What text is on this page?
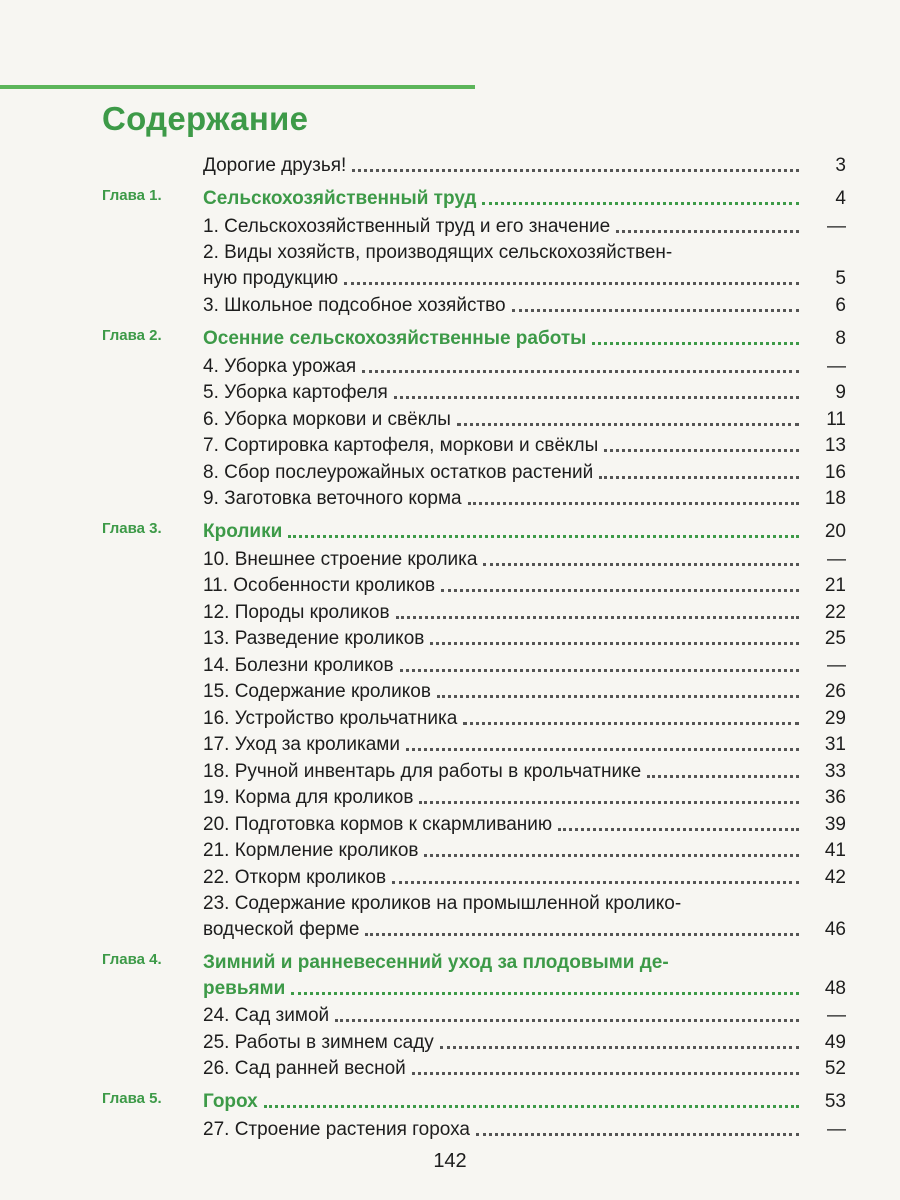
Содержание
Дорогие друзья!	3
Глава 1. Сельскохозяйственный труд	4
1. Сельскохозяйственный труд и его значение	—
2. Виды хозяйств, производящих сельскохозяйствен-
ную продукцию	5
3. Школьное подсобное хозяйство	6
Глава 2. Осенние сельскохозяйственные работы	8
4. Уборка урожая	—
5. Уборка картофеля	9
6. Уборка моркови и свёклы	11
7. Сортировка картофеля, моркови и свёклы	13
8. Сбор послеурожайных остатков растений	16
9. Заготовка веточного корма	18
Глава 3. Кролики	20
10. Внешнее строение кролика	—
11. Особенности кроликов	21
12. Породы кроликов	22
13. Разведение кроликов	25
14. Болезни кроликов	—
15. Содержание кроликов	26
16. Устройство крольчатника	29
17. Уход за кроликами	31
18. Ручной инвентарь для работы в крольчатнике	33
19. Корма для кроликов	36
20. Подготовка кормов к скармливанию	39
21. Кормление кроликов	41
22. Откорм кроликов	42
23. Содержание кроликов на промышленной кролико-
водческой ферме	46
Глава 4. Зимний и ранневесенний уход за плодовыми де-
ревьями	48
24. Сад зимой	—
25. Работы в зимнем саду	49
26. Сад ранней весной	52
Глава 5. Горох	53
27. Строение растения гороха	—
142
